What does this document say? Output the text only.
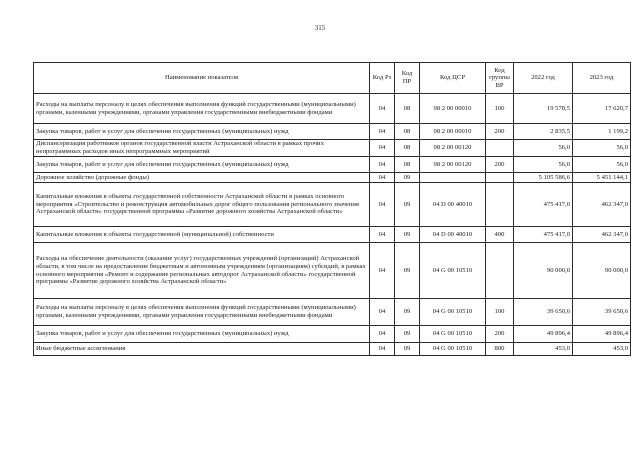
315
Наименование показателя	Код Рз	Код ПР	Код ЦСР	Код группы ВР	2022 год	2023 год
Расходы на выплаты персоналу в целях обеспечения выполнения функций государственными (муниципальными) органами, казенными учреждениями, органами управления государственными внебюджетными фондами	04	08	98 2 00 00010	100	19 578,5	17 620,7
Закупка товаров, работ и услуг для обеспечения государственных (муниципальных) нужд	04	08	98 2 00 00010	200	2 835,5	1 199,2
Диспансеризация работников органов государственной власти Астраханской области в рамках прочих непрограммных расходов иных непрограммных мероприятий	04	08	98 2 00 00120		56,0	56,0
Закупка товаров, работ и услуг для обеспечения государственных (муниципальных) нужд	04	08	98 2 00 00120	200	56,0	56,0
Дорожное хозяйство (дорожные фонды)	04	09			5 105 586,6	5 451 144,1
Капитальные вложения в объекты государственной собственности Астраханской области в рамках основного мероприятия «Строительство и реконструкция автомобильных дорог общего пользования регионального значения Астраханской области» государственной программы «Развитие дорожного хозяйства Астраханской области»	04	09	04 D 00 40010		475 417,0	462 347,0
Капитальные вложения в объекты государственной (муниципальной) собственности	04	09	04 D 00 40010	400	475 417,0	462 347,0
Расходы на обеспечение деятельности (оказание услуг) государственных учреждений (организаций) Астраханской области, в том числе на предоставление бюджетным и автономным учреждениям (организациям) субсидий, в рамках основного мероприятия «Ремонт и содержание региональных автодорог Астраханской области» государственной программы «Развитие дорожного хозяйства Астраханской области»	04	09	04 G 00 10510		90 000,0	90 000,0
Расходы на выплаты персоналу в целях обеспечения выполнения функций государственными (муниципальными) органами, казенными учреждениями, органами управления государственными внебюджетными фондами	04	09	04 G 00 10510	100	39 650,6	39 650,6
Закупка товаров, работ и услуг для обеспечения государственных (муниципальных) нужд	04	09	04 G 00 10510	200	49 896,4	49 896,4
Иные бюджетные ассигнования	04	09	04 G 00 10510	800	453,0	453,0
